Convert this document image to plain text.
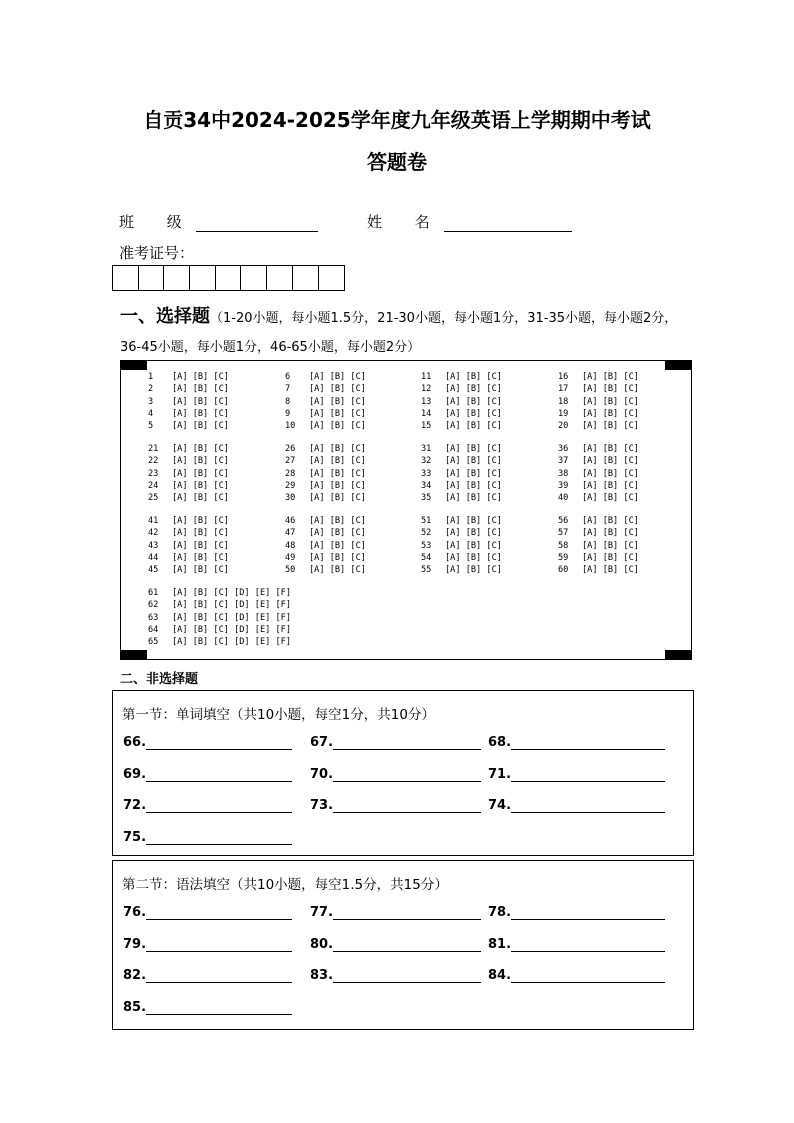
自贡34中2024-2025学年度九年级英语上学期期中考试
答题卷
班 级	姓 名
准考证号：
一、选择题（1-20小题，每小题1.5分，21-30小题，每小题1分，31-35小题，每小题2分，36-45小题，每小题1分，46-65小题，每小题2分）
1 [A] [B] [C]
2 [A] [B] [C]
3 [A] [B] [C]
4 [A] [B] [C]
5 [A] [B] [C]
6 [A] [B] [C]
7 [A] [B] [C]
8 [A] [B] [C]
9 [A] [B] [C]
10 [A] [B] [C]
11 [A] [B] [C]
12 [A] [B] [C]
13 [A] [B] [C]
14 [A] [B] [C]
15 [A] [B] [C]
16 [A] [B] [C]
17 [A] [B] [C]
18 [A] [B] [C]
19 [A] [B] [C]
20 [A] [B] [C]
21 [A] [B] [C]
22 [A] [B] [C]
23 [A] [B] [C]
24 [A] [B] [C]
25 [A] [B] [C]
26 [A] [B] [C]
27 [A] [B] [C]
28 [A] [B] [C]
29 [A] [B] [C]
30 [A] [B] [C]
31 [A] [B] [C]
32 [A] [B] [C]
33 [A] [B] [C]
34 [A] [B] [C]
35 [A] [B] [C]
36 [A] [B] [C]
37 [A] [B] [C]
38 [A] [B] [C]
39 [A] [B] [C]
40 [A] [B] [C]
41 [A] [B] [C]
42 [A] [B] [C]
43 [A] [B] [C]
44 [A] [B] [C]
45 [A] [B] [C]
46 [A] [B] [C]
47 [A] [B] [C]
48 [A] [B] [C]
49 [A] [B] [C]
50 [A] [B] [C]
51 [A] [B] [C]
52 [A] [B] [C]
53 [A] [B] [C]
54 [A] [B] [C]
55 [A] [B] [C]
56 [A] [B] [C]
57 [A] [B] [C]
58 [A] [B] [C]
59 [A] [B] [C]
60 [A] [B] [C]
61 [A] [B] [C] [D] [E] [F]
62 [A] [B] [C] [D] [E] [F]
63 [A] [B] [C] [D] [E] [F]
64 [A] [B] [C] [D] [E] [F]
65 [A] [B] [C] [D] [E] [F]
二、非选择题
第一节：单词填空（共10小题，每空1分，共10分）
66.	67.	68.
69.	70.	71.
72.	73.	74.
75.
第二节：语法填空（共10小题，每空1.5分，共15分）
76.	77.	78.
79.	80.	81.
82.	83.	84.
85.
